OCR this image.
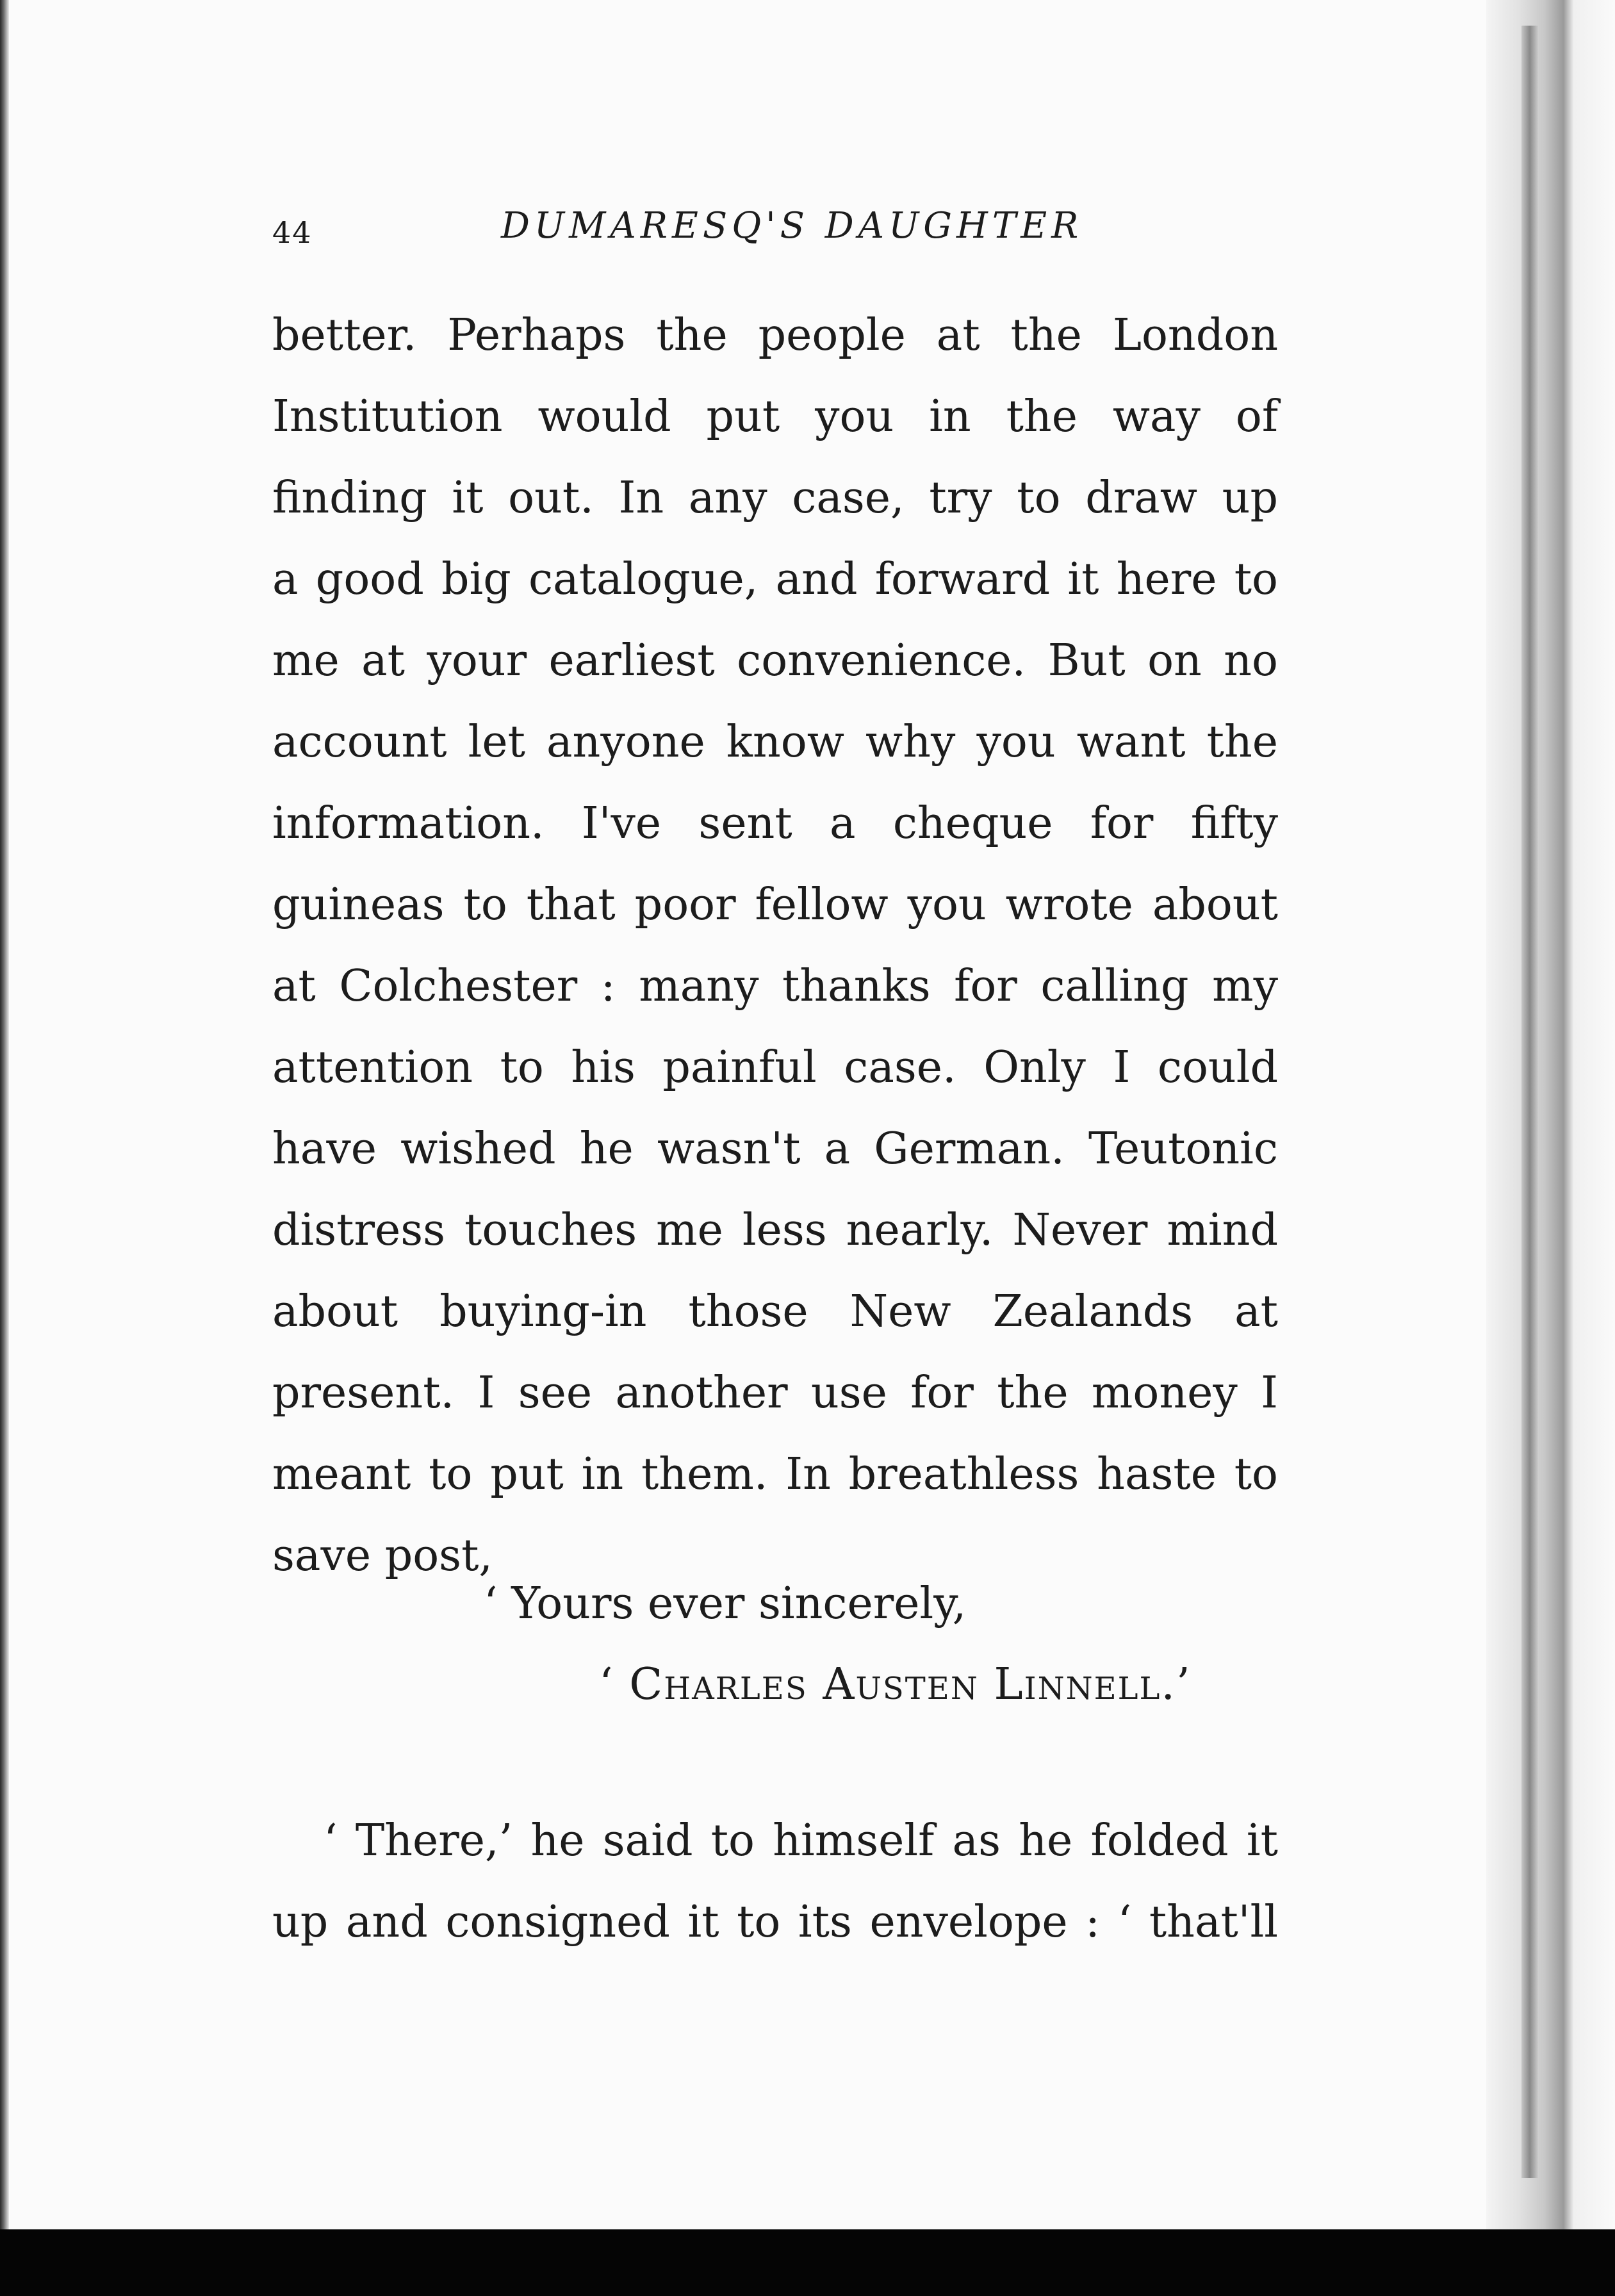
44	DUMARESQ'S DAUGHTER
better. Perhaps the people at the London
Institution would put you in the way of
finding it out. In any case, try to draw up
a good big catalogue, and forward it here to
me at your earliest convenience. But on no
account let anyone know why you want the
information. I've sent a cheque for fifty
guineas to that poor fellow you wrote about
at Colchester : many thanks for calling my
attention to his painful case. Only I could
have wished he wasn't a German. Teutonic
distress touches me less nearly. Never mind
about buying-in those New Zealands at
present. I see another use for the money I
meant to put in them. In breathless haste to
save post,
‘ Yours ever sincerely,
‘ Charles Austen Linnell.’
‘ There,’ he said to himself as he folded it
up and consigned it to its envelope : ‘ that'll
